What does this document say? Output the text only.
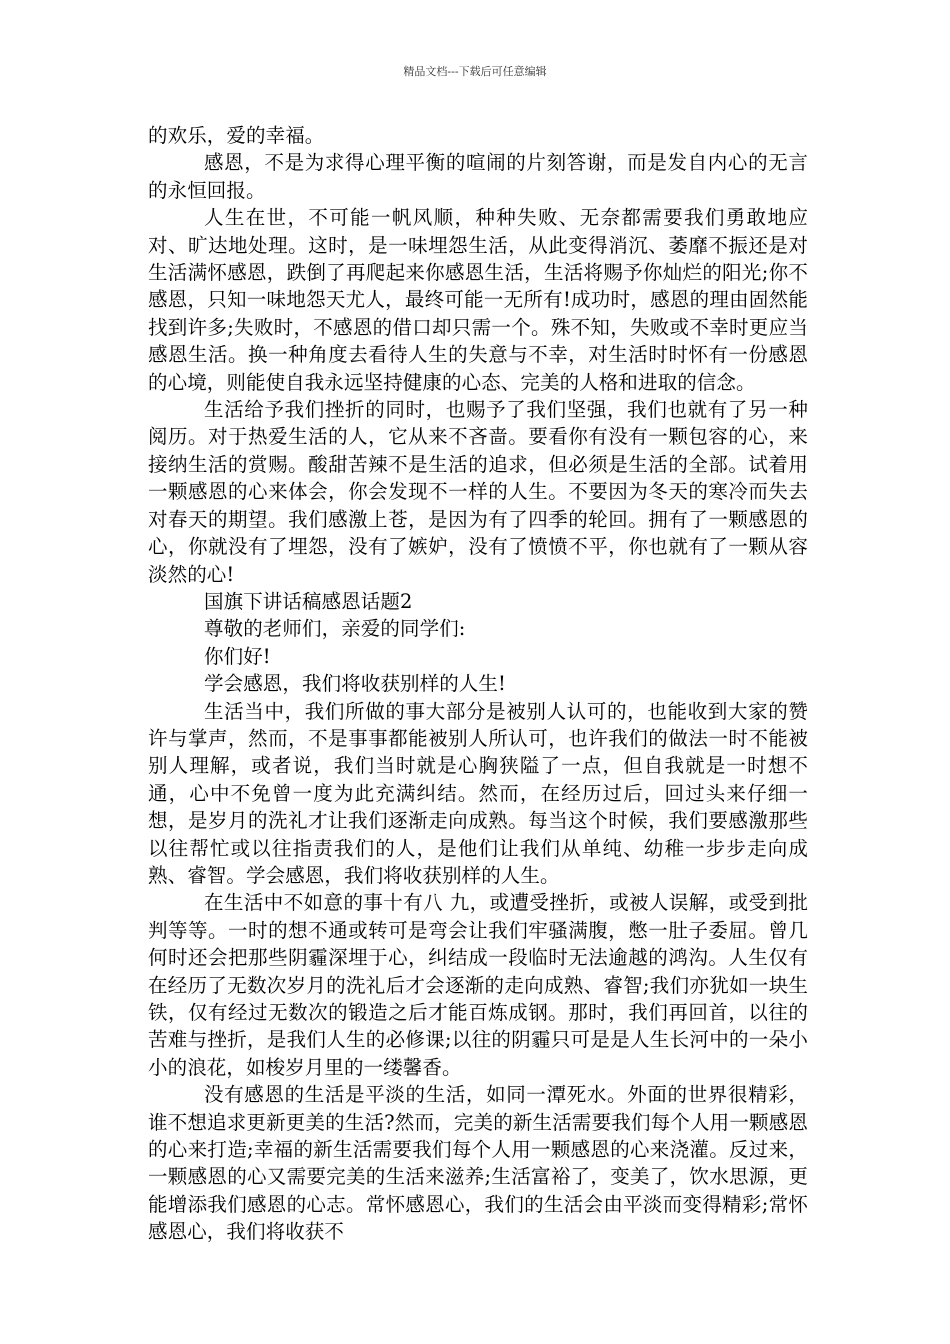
精品文档---下载后可任意编辑

的欢乐，爱的幸福。

感恩，不是为求得心理平衡的喧闹的片刻答谢，而是发自内心的无言的永恒回报。

人生在世，不可能一帆风顺，种种失败、无奈都需要我们勇敢地应对、旷达地处理。这时，是一味埋怨生活，从此变得消沉、萎靡不振还是对生活满怀感恩，跌倒了再爬起来你感恩生活，生活将赐予你灿烂的阳光;你不感恩，只知一味地怨天尤人，最终可能一无所有!成功时，感恩的理由固然能找到许多;失败时，不感恩的借口却只需一个。殊不知，失败或不幸时更应当感恩生活。换一种角度去看待人生的失意与不幸，对生活时时怀有一份感恩的心境，则能使自我永远坚持健康的心态、完美的人格和进取的信念。

生活给予我们挫折的同时，也赐予了我们坚强，我们也就有了另一种阅历。对于热爱生活的人，它从来不吝啬。要看你有没有一颗包容的心，来接纳生活的赏赐。酸甜苦辣不是生活的追求，但必须是生活的全部。试着用一颗感恩的心来体会，你会发现不一样的人生。不要因为冬天的寒冷而失去对春天的期望。我们感激上苍，是因为有了四季的轮回。拥有了一颗感恩的心，你就没有了埋怨，没有了嫉妒，没有了愤愤不平，你也就有了一颗从容淡然的心!

国旗下讲话稿感恩话题2

尊敬的老师们，亲爱的同学们:

你们好!

学会感恩，我们将收获别样的人生!

生活当中，我们所做的事大部分是被别人认可的，也能收到大家的赞许与掌声，然而，不是事事都能被别人所认可，也许我们的做法一时不能被别人理解，或者说，我们当时就是心胸狭隘了一点，但自我就是一时想不通，心中不免曾一度为此充满纠结。然而，在经历过后，回过头来仔细一想，是岁月的洗礼才让我们逐渐走向成熟。每当这个时候，我们要感激那些以往帮忙或以往指责我们的人，是他们让我们从单纯、幼稚一步步走向成熟、睿智。学会感恩，我们将收获别样的人生。

在生活中不如意的事十有八 九，或遭受挫折，或被人误解，或受到批判等等。一时的想不通或转可是弯会让我们牢骚满腹，憋一肚子委屈。曾几何时还会把那些阴霾深埋于心，纠结成一段临时无法逾越的鸿沟。人生仅有在经历了无数次岁月的洗礼后才会逐渐的走向成熟、睿智;我们亦犹如一块生铁，仅有经过无数次的锻造之后才能百炼成钢。那时，我们再回首，以往的苦难与挫折，是我们人生的必修课;以往的阴霾只可是是人生长河中的一朵小小的浪花，如梭岁月里的一缕馨香。

没有感恩的生活是平淡的生活，如同一潭死水。外面的世界很精彩，谁不想追求更新更美的生活?然而，完美的新生活需要我们每个人用一颗感恩的心来打造;幸福的新生活需要我们每个人用一颗感恩的心来浇灌。反过来，一颗感恩的心又需要完美的生活来滋养;生活富裕了，变美了，饮水思源，更能增添我们感恩的心志。常怀感恩心，我们的生活会由平淡而变得精彩;常怀感恩心，我们将收获不
